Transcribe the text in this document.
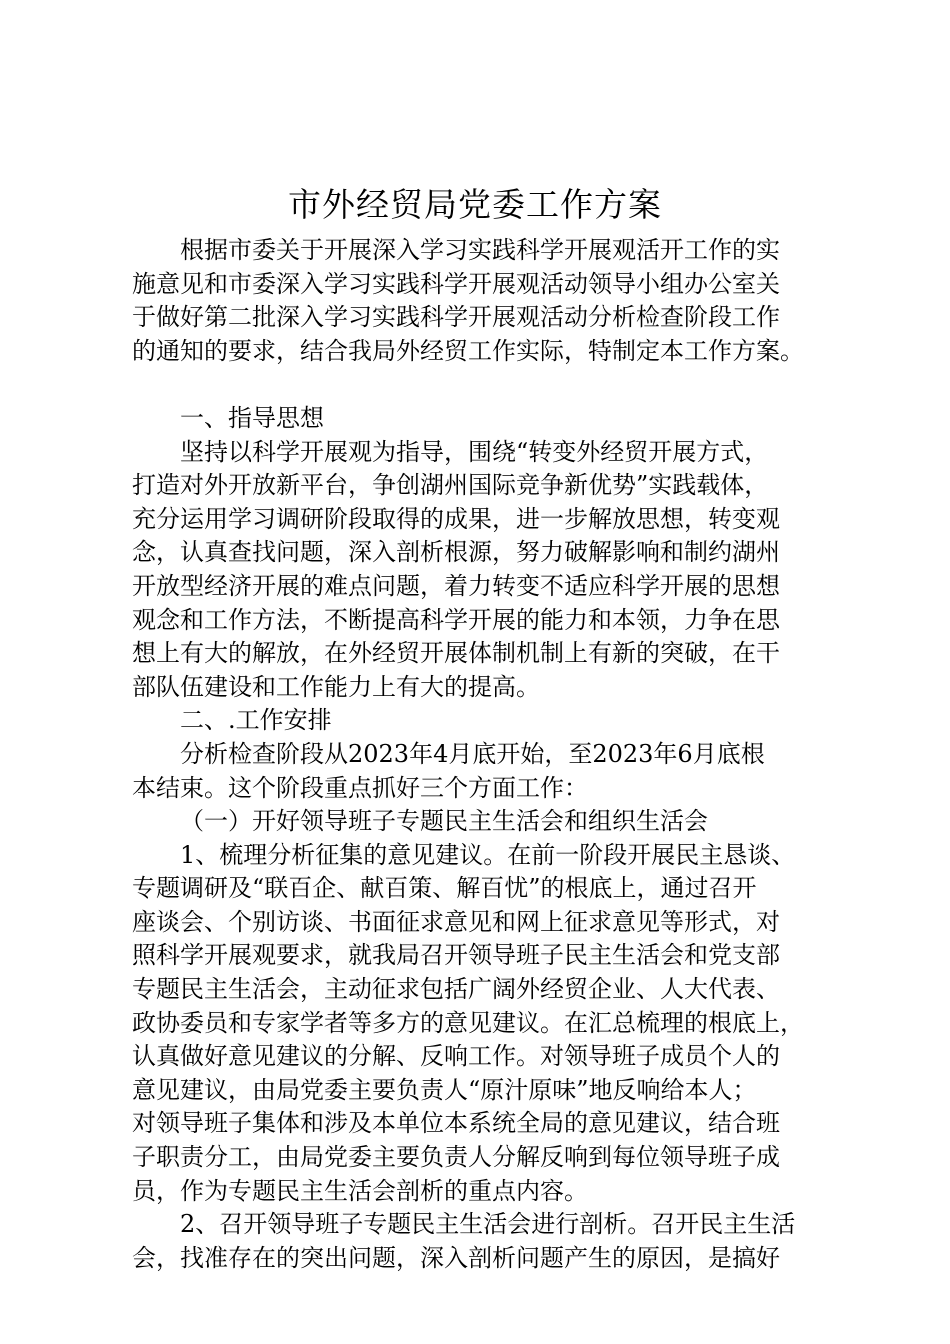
市外经贸局党委工作方案
根据市委关于开展深入学习实践科学开展观活开工作的实
施意见和市委深入学习实践科学开展观活动领导小组办公室关
于做好第二批深入学习实践科学开展观活动分析检查阶段工作
的通知的要求，结合我局外经贸工作实际，特制定本工作方案。
一、指导思想
坚持以科学开展观为指导，围绕“转变外经贸开展方式，
打造对外开放新平台，争创湖州国际竞争新优势”实践载体，
充分运用学习调研阶段取得的成果，进一步解放思想，转变观
念，认真查找问题，深入剖析根源，努力破解影响和制约湖州
开放型经济开展的难点问题，着力转变不适应科学开展的思想
观念和工作方法，不断提高科学开展的能力和本领，力争在思
想上有大的解放，在外经贸开展体制机制上有新的突破，在干
部队伍建设和工作能力上有大的提高。
二、.工作安排
分析检查阶段从2023年4月底开始，至2023年6月底根
本结束。这个阶段重点抓好三个方面工作：
（一）开好领导班子专题民主生活会和组织生活会
1、梳理分析征集的意见建议。在前一阶段开展民主恳谈、
专题调研及“联百企、献百策、解百忧”的根底上，通过召开
座谈会、个别访谈、书面征求意见和网上征求意见等形式，对
照科学开展观要求，就我局召开领导班子民主生活会和党支部
专题民主生活会，主动征求包括广阔外经贸企业、人大代表、
政协委员和专家学者等多方的意见建议。在汇总梳理的根底上，
认真做好意见建议的分解、反响工作。对领导班子成员个人的
意见建议，由局党委主要负责人“原汁原味”地反响给本人；
对领导班子集体和涉及本单位本系统全局的意见建议，结合班
子职责分工，由局党委主要负责人分解反响到每位领导班子成
员，作为专题民主生活会剖析的重点内容。
2、召开领导班子专题民主生活会进行剖析。召开民主生活
会，找准存在的突出问题，深入剖析问题产生的原因，是搞好
